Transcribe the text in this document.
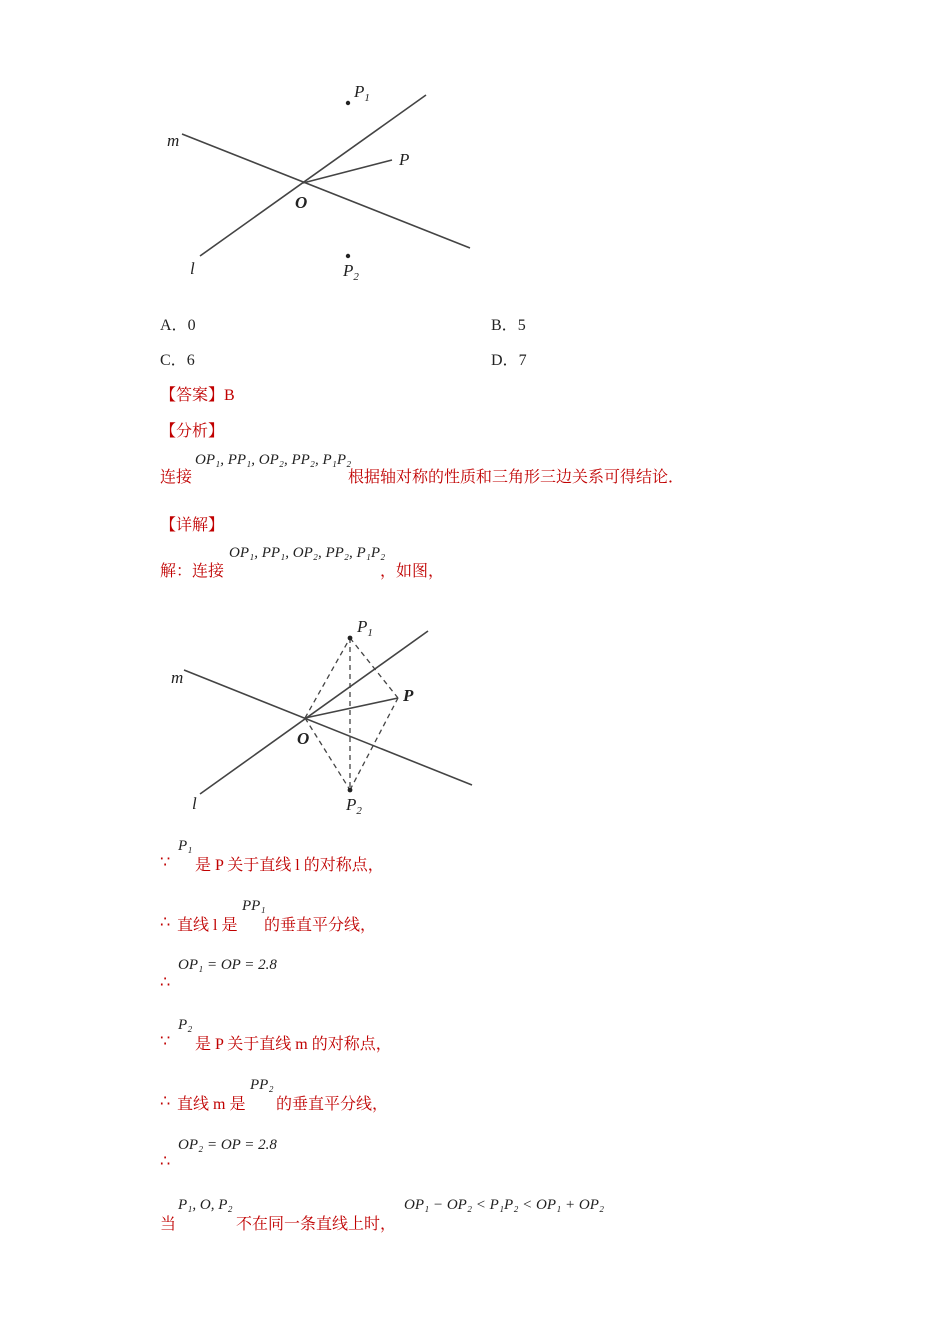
$P_1$
m
P
O
l	$P_2$
A．0	B．5
C．6	D．7
【答案】B
【分析】
连接
OP₁, PP₁, OP₂, PP₂, P₁P₂
根据轴对称的性质和三角形三边关系可得结论．
【详解】
解：连接
OP₁, PP₁, OP₂, PP₂, P₁P₂
，如图，
$P_1$
m
P
O
l	$P_2$
∵
P₁
是 P 关于直线 l 的对称点，
∴ 直线 l 是
PP₁
的垂直平分线，
∴
OP₁ = OP = 2.8
∵
P₂
是 P 关于直线 m 的对称点，
∴ 直线 m 是
PP₂
的垂直平分线，
∴
OP₂ = OP = 2.8
当
P₁, O, P₂
不在同一条直线上时，
OP₁ − OP₂ < P₁P₂ < OP₁ + OP₂
